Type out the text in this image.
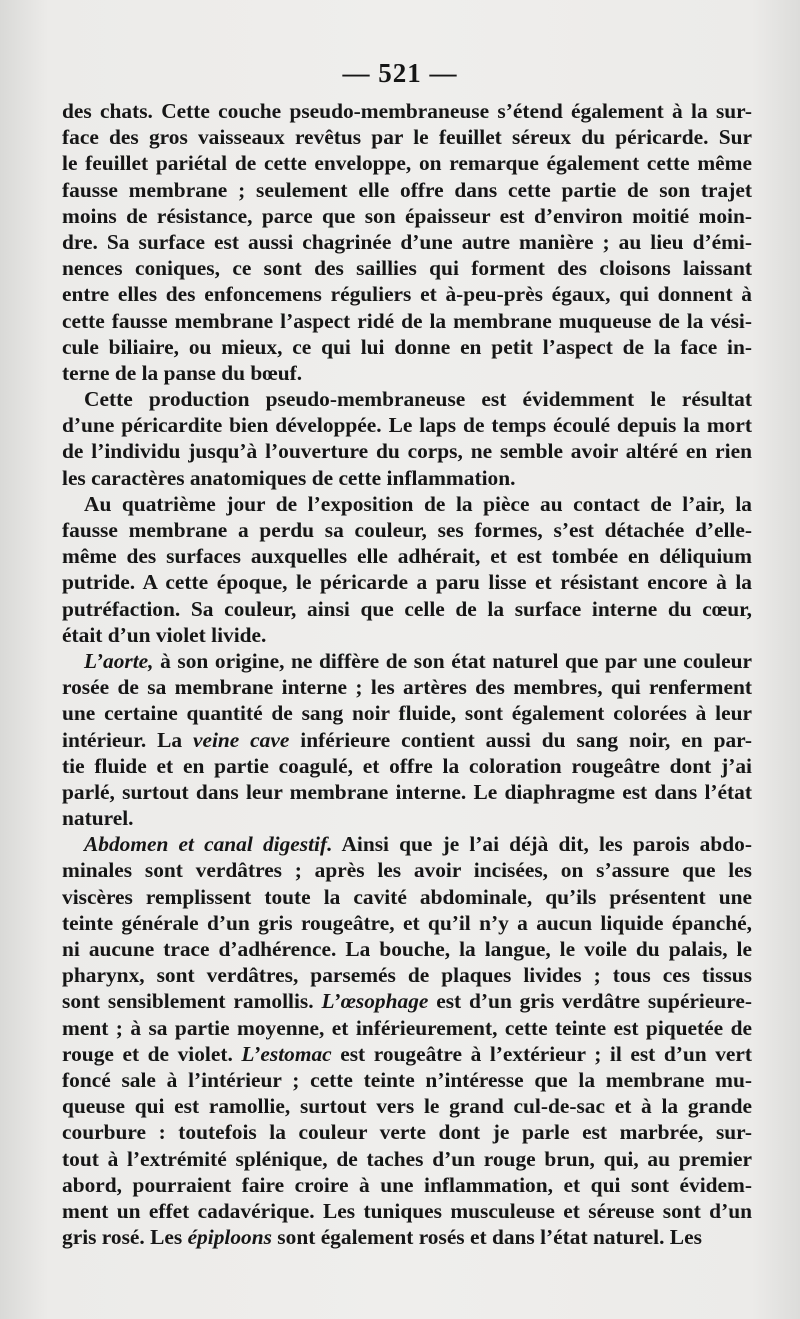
— 521 —
des chats. Cette couche pseudo-membraneuse s’étend également à la sur-
face des gros vaisseaux revêtus par le feuillet séreux du péricarde. Sur
le feuillet pariétal de cette enveloppe, on remarque également cette même
fausse membrane ; seulement elle offre dans cette partie de son trajet
moins de résistance, parce que son épaisseur est d’environ moitié moin-
dre. Sa surface est aussi chagrinée d’une autre manière ; au lieu d’émi-
nences coniques, ce sont des saillies qui forment des cloisons laissant
entre elles des enfoncemens réguliers et à-peu-près égaux, qui donnent à
cette fausse membrane l’aspect ridé de la membrane muqueuse de la vési-
cule biliaire, ou mieux, ce qui lui donne en petit l’aspect de la face in-
terne de la panse du bœuf.
Cette production pseudo-membraneuse est évidemment le résultat
d’une péricardite bien développée. Le laps de temps écoulé depuis la mort
de l’individu jusqu’à l’ouverture du corps, ne semble avoir altéré en rien
les caractères anatomiques de cette inflammation.
Au quatrième jour de l’exposition de la pièce au contact de l’air, la
fausse membrane a perdu sa couleur, ses formes, s’est détachée d’elle-
même des surfaces auxquelles elle adhérait, et est tombée en déliquium
putride. A cette époque, le péricarde a paru lisse et résistant encore à la
putréfaction. Sa couleur, ainsi que celle de la surface interne du cœur,
était d’un violet livide.
L’aorte, à son origine, ne diffère de son état naturel que par une couleur
rosée de sa membrane interne ; les artères des membres, qui renferment
une certaine quantité de sang noir fluide, sont également colorées à leur
intérieur. La veine cave inférieure contient aussi du sang noir, en par-
tie fluide et en partie coagulé, et offre la coloration rougeâtre dont j’ai
parlé, surtout dans leur membrane interne. Le diaphragme est dans l’état
naturel.
Abdomen et canal digestif. Ainsi que je l’ai déjà dit, les parois abdo-
minales sont verdâtres ; après les avoir incisées, on s’assure que les
viscères remplissent toute la cavité abdominale, qu’ils présentent une
teinte générale d’un gris rougeâtre, et qu’il n’y a aucun liquide épanché,
ni aucune trace d’adhérence. La bouche, la langue, le voile du palais, le
pharynx, sont verdâtres, parsemés de plaques livides ; tous ces tissus
sont sensiblement ramollis. L’œsophage est d’un gris verdâtre supérieure-
ment ; à sa partie moyenne, et inférieurement, cette teinte est piquetée de
rouge et de violet. L’estomac est rougeâtre à l’extérieur ; il est d’un vert
foncé sale à l’intérieur ; cette teinte n’intéresse que la membrane mu-
queuse qui est ramollie, surtout vers le grand cul-de-sac et à la grande
courbure : toutefois la couleur verte dont je parle est marbrée, sur-
tout à l’extrémité splénique, de taches d’un rouge brun, qui, au premier
abord, pourraient faire croire à une inflammation, et qui sont évidem-
ment un effet cadavérique. Les tuniques musculeuse et séreuse sont d’un
gris rosé. Les épiploons sont également rosés et dans l’état naturel. Les
